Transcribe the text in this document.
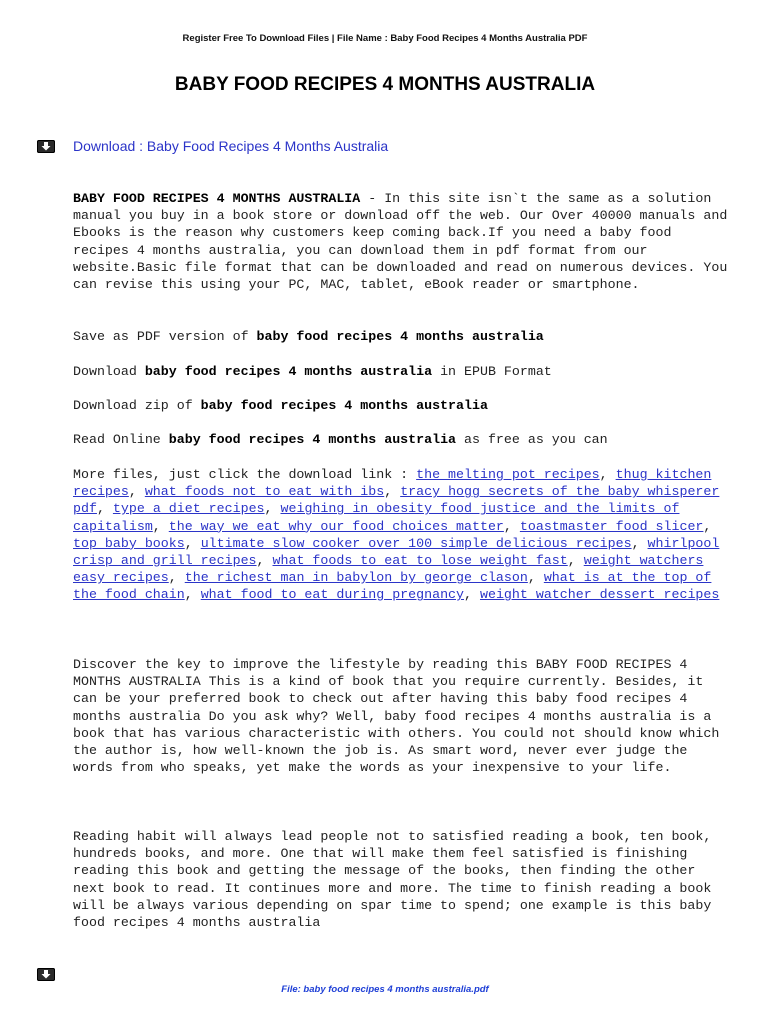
Register Free To Download Files | File Name : Baby Food Recipes 4 Months Australia PDF
BABY FOOD RECIPES 4 MONTHS AUSTRALIA
Download : Baby Food Recipes 4 Months Australia

BABY FOOD RECIPES 4 MONTHS AUSTRALIA - In this site isn`t the same as a solution manual you buy in a book store or download off the web. Our Over 40000 manuals and Ebooks is the reason why customers keep coming back.If you need a baby food recipes 4 months australia, you can download them in pdf format from our website.Basic file format that can be downloaded and read on numerous devices. You can revise this using your PC, MAC, tablet, eBook reader or smartphone.

Save as PDF version of baby food recipes 4 months australia

Download baby food recipes 4 months australia in EPUB Format

Download zip of baby food recipes 4 months australia

Read Online baby food recipes 4 months australia as free as you can

More files, just click the download link : the melting pot recipes, thug kitchen recipes, what foods not to eat with ibs, tracy hogg secrets of the baby whisperer pdf, type a diet recipes, weighing in obesity food justice and the limits of capitalism, the way we eat why our food choices matter, toastmaster food slicer, top baby books, ultimate slow cooker over 100 simple delicious recipes, whirlpool crisp and grill recipes, what foods to eat to lose weight fast, weight watchers easy recipes, the richest man in babylon by george clason, what is at the top of the food chain, what food to eat during pregnancy, weight watcher dessert recipes

Discover the key to improve the lifestyle by reading this BABY FOOD RECIPES 4 MONTHS AUSTRALIA This is a kind of book that you require currently. Besides, it can be your preferred book to check out after having this baby food recipes 4 months australia Do you ask why? Well, baby food recipes 4 months australia is a book that has various characteristic with others. You could not should know which the author is, how well-known the job is. As smart word, never ever judge the words from who speaks, yet make the words as your inexpensive to your life.

Reading habit will always lead people not to satisfied reading a book, ten book, hundreds books, and more. One that will make them feel satisfied is finishing reading this book and getting the message of the books, then finding the other next book to read. It continues more and more. The time to finish reading a book will be always various depending on spar time to spend; one example is this baby food recipes 4 months australia

File: baby food recipes 4 months australia.pdf
